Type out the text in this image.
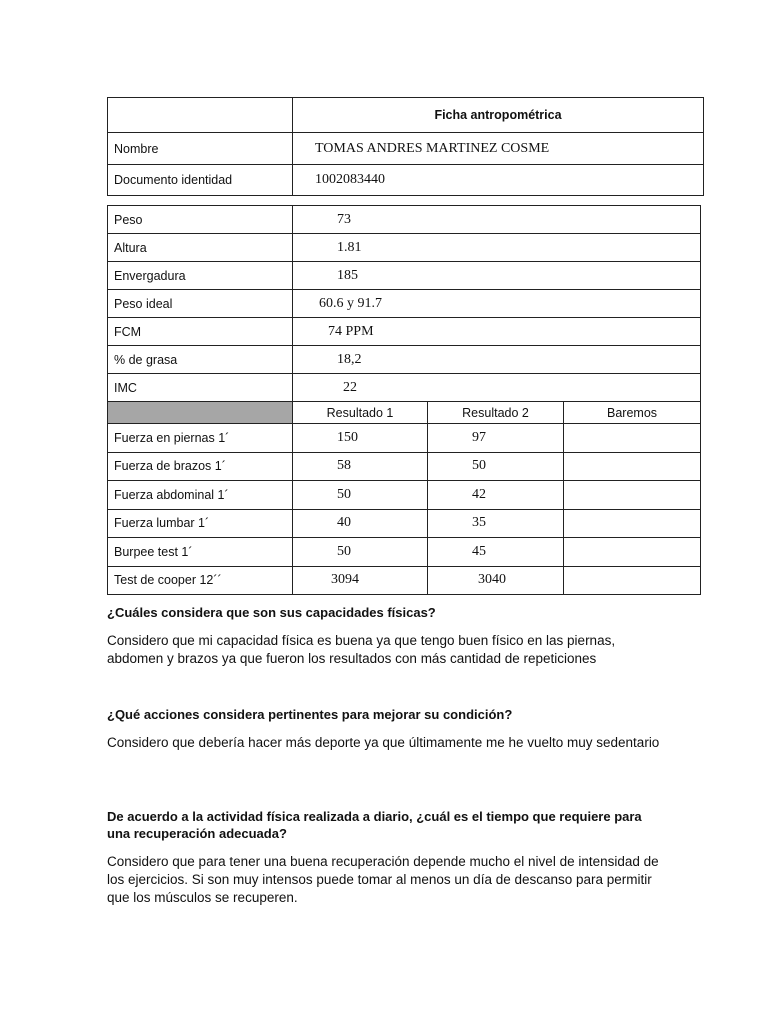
	Ficha antropométrica
Nombre	TOMAS ANDRES MARTINEZ COSME
Documento identidad	1002083440
Peso	73		
Altura	1.81		
Envergadura	185		
Peso ideal	60.6 y 91.7		
FCM	74 PPM		
% de grasa	18,2		
IMC	22		
	Resultado 1	Resultado 2	Baremos
Fuerza en piernas 1´	150	97	
Fuerza de brazos 1´	58	50	
Fuerza abdominal 1´	50	42	
Fuerza lumbar 1´	40	35	
Burpee test 1´	50	45	
Test de cooper 12´´	3094	3040	

¿Cuáles considera que son sus capacidades físicas?

Considero que mi capacidad física es buena ya que tengo buen físico en las piernas, abdomen y brazos ya que fueron los resultados con más cantidad de repeticiones

¿Qué acciones considera pertinentes para mejorar su condición?

Considero que debería hacer más deporte ya que últimamente me he vuelto muy sedentario

De acuerdo a la actividad física realizada a diario, ¿cuál es el tiempo que requiere para una recuperación adecuada?

Considero que para tener una buena recuperación depende mucho el nivel de intensidad de los ejercicios. Si son muy intensos puede tomar al menos un día de descanso para permitir que los músculos se recuperen.
